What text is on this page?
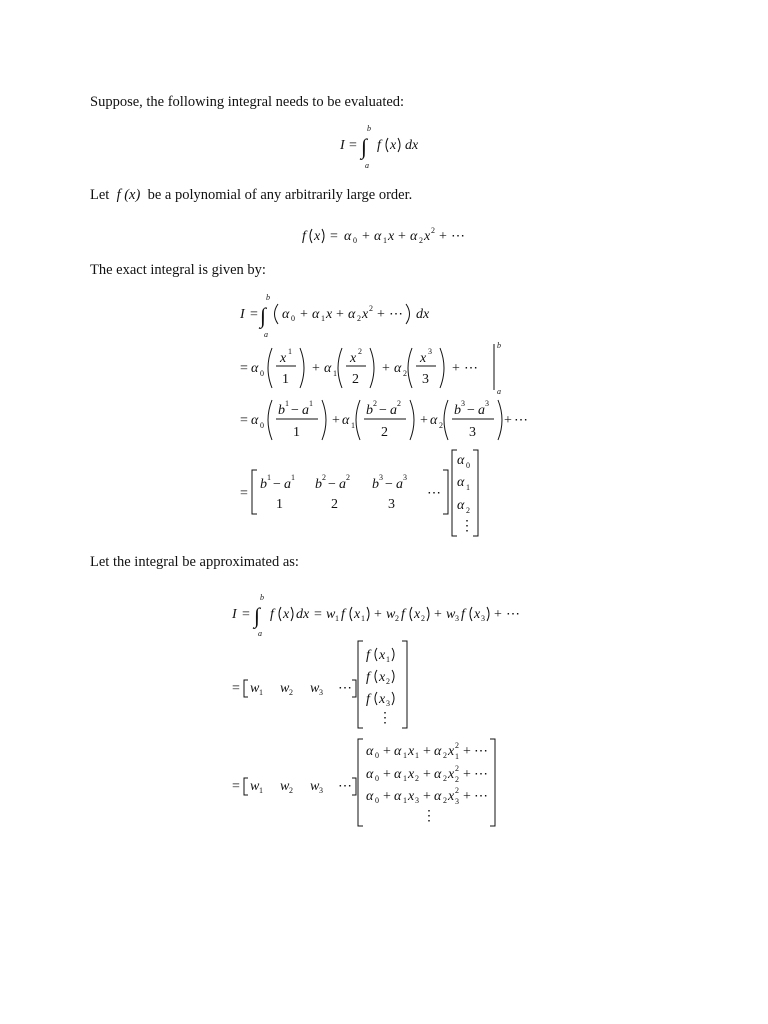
Suppose, the following integral needs to be evaluated:
I = ∫
b
a
f x dx
Let f (x) be a polynomial of any arbitrarily large order.
f x = α 0 + α 1 x + α 2 x 2 + ⋯
The exact integral is given by:
I = ∫
b
a
α 0 + α 1 x + α 2 x 2 + ⋯ dx
= α 0
x 1
1
+ α 1
x 2
2
+ α 2
x 3
3
+ ⋯
b
a
= α 0
b 1 − a 1
1
+ α 1
b 2 − a 2
2
+ α 2
b 3 − a 3
3
+ ⋯
=
b 1 − a 1
1
b 2 − a 2
2
b 3 − a 3
3
⋯
α 0
α 1
α 2
⋮
Let the integral be approximated as:
I = ∫
b
a
f x dx = w 1 f x 1 + w 2 f x 2 + w 3 f x 3 + ⋯
= w 1 w 2 w 3 ⋯
f x 1
f x 2
f x 3
⋮
= w 1 w 2 w 3 ⋯
α 0 + α 1 x 1 + α 2 x 2
1 + ⋯
α 0 + α 1 x 2 + α 2 x 2
2 + ⋯
α 0 + α 1 x 3 + α 2 x 2
3 + ⋯
⋮
